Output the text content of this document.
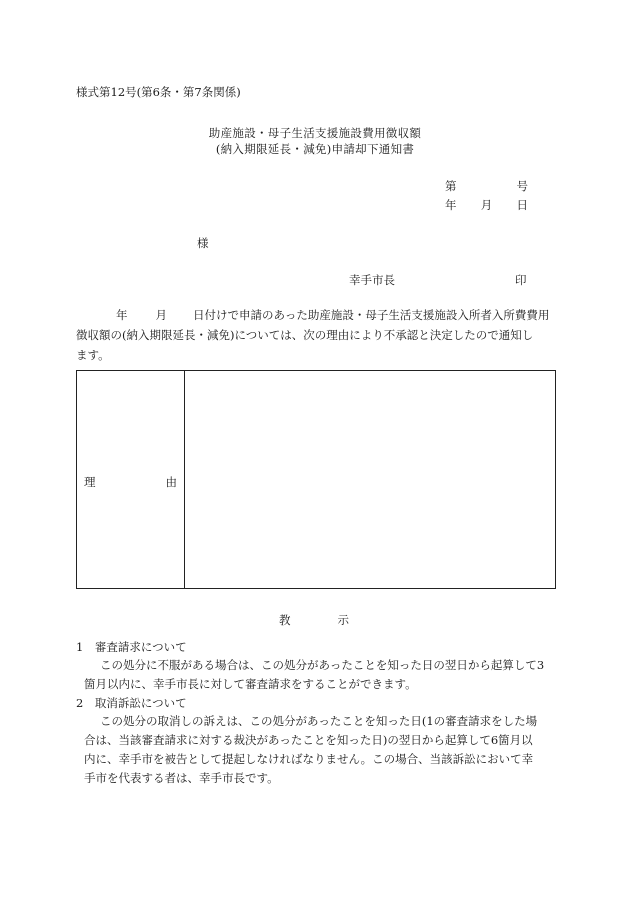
様式第12号(第6条・第7条関係)
助産施設・母子生活支援施設費用徴収額
(納入期限延長・減免)申請却下通知書
第	号
年 月 日
様
幸手市長	印
年 月 日付けで申請のあった助産施設・母子生活支援施設入所者入所費費用
徴収額の(納入期限延長・減免)については、次の理由により不承認と決定したので通知し
ます。
理	由
教	示
1　審査請求について
この処分に不服がある場合は、この処分があったことを知った日の翌日から起算して3
箇月以内に、幸手市長に対して審査請求をすることができます。
2　取消訴訟について
この処分の取消しの訴えは、この処分があったことを知った日(1の審査請求をした場
合は、当該審査請求に対する裁決があったことを知った日)の翌日から起算して6箇月以
内に、幸手市を被告として提起しなければなりません。この場合、当該訴訟において幸
手市を代表する者は、幸手市長です。
